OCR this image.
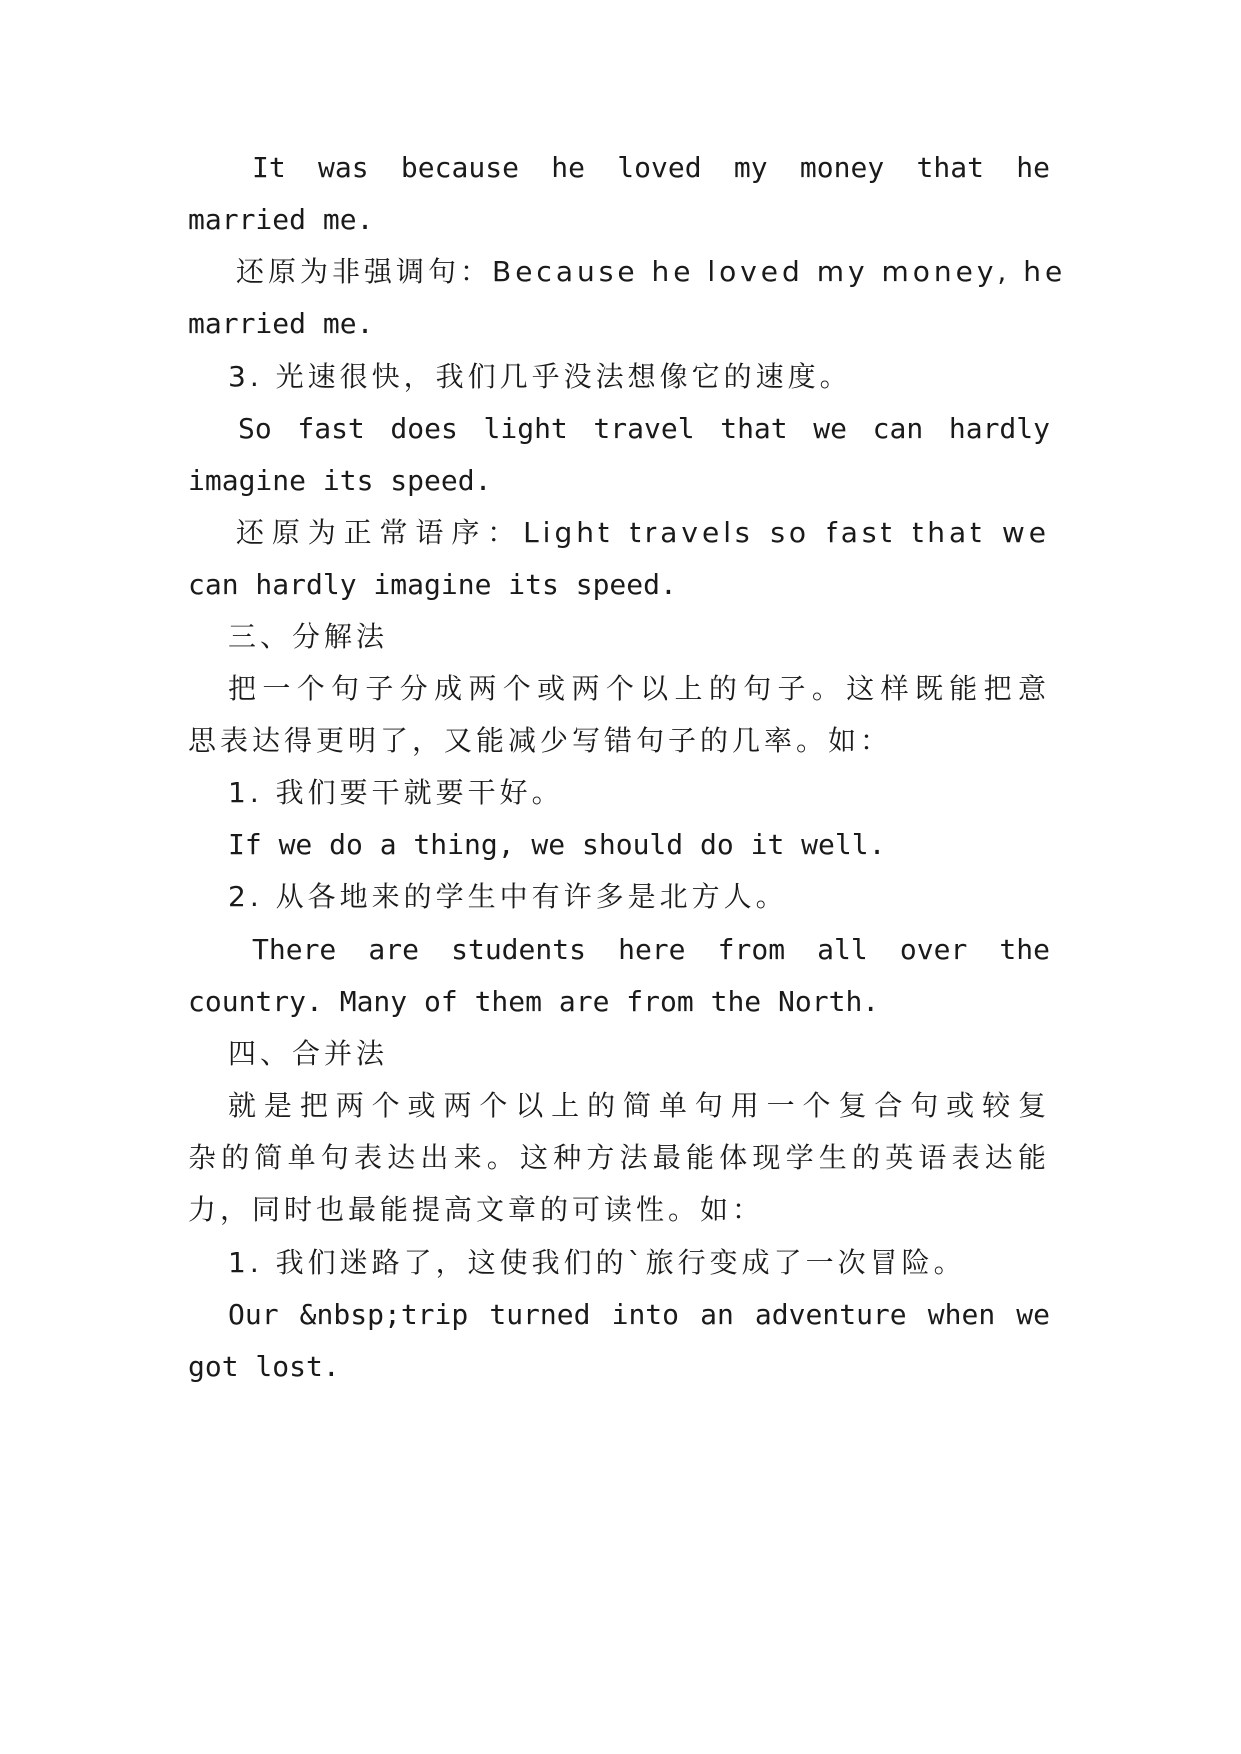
It was because he loved my money that he
married me.
还原为非强调句：Because he loved my money, he
married me.
3. 光速很快，我们几乎没法想像它的速度。
So fast does light travel that we can hardly
imagine its speed.
还原为正常语序：Light travels so fast that we
can hardly imagine its speed.
三、分解法
把一个句子分成两个或两个以上的句子。这样既能把意
思表达得更明了，又能减少写错句子的几率。如：
1. 我们要干就要干好。
If we do a thing, we should do it well.
2. 从各地来的学生中有许多是北方人。
There are students here from all over the
country. Many of them are from the North.
四、合并法
就是把两个或两个以上的简单句用一个复合句或较复
杂的简单句表达出来。这种方法最能体现学生的英语表达能
力，同时也最能提高文章的可读性。如：
1. 我们迷路了，这使我们的`旅行变成了一次冒险。
Our &nbsp;trip turned into an adventure when we
got lost.
